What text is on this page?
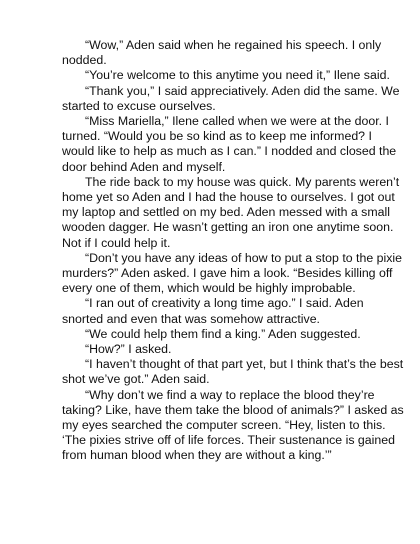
“Wow,” Aden said when he regained his speech. I only nodded.

“You’re welcome to this anytime you need it,” Ilene said.

“Thank you,” I said appreciatively. Aden did the same. We started to excuse ourselves.

“Miss Mariella,” Ilene called when we were at the door. I turned. “Would you be so kind as to keep me informed? I would like to help as much as I can.” I nodded and closed the door behind Aden and myself.

The ride back to my house was quick. My parents weren’t home yet so Aden and I had the house to ourselves. I got out my laptop and settled on my bed. Aden messed with a small wooden dagger. He wasn’t getting an iron one anytime soon. Not if I could help it.

“Don’t you have any ideas of how to put a stop to the pixie murders?” Aden asked. I gave him a look. “Besides killing off every one of them, which would be highly improbable.

“I ran out of creativity a long time ago.” I said. Aden snorted and even that was somehow attractive.

“We could help them find a king.” Aden suggested.

“How?” I asked.

“I haven’t thought of that part yet, but I think that’s the best shot we’ve got.” Aden said.

“Why don’t we find a way to replace the blood they’re taking? Like, have them take the blood of animals?” I asked as my eyes searched the computer screen. “Hey, listen to this. ‘The pixies strive off of life forces. Their sustenance is gained from human blood when they are without a king.’”
